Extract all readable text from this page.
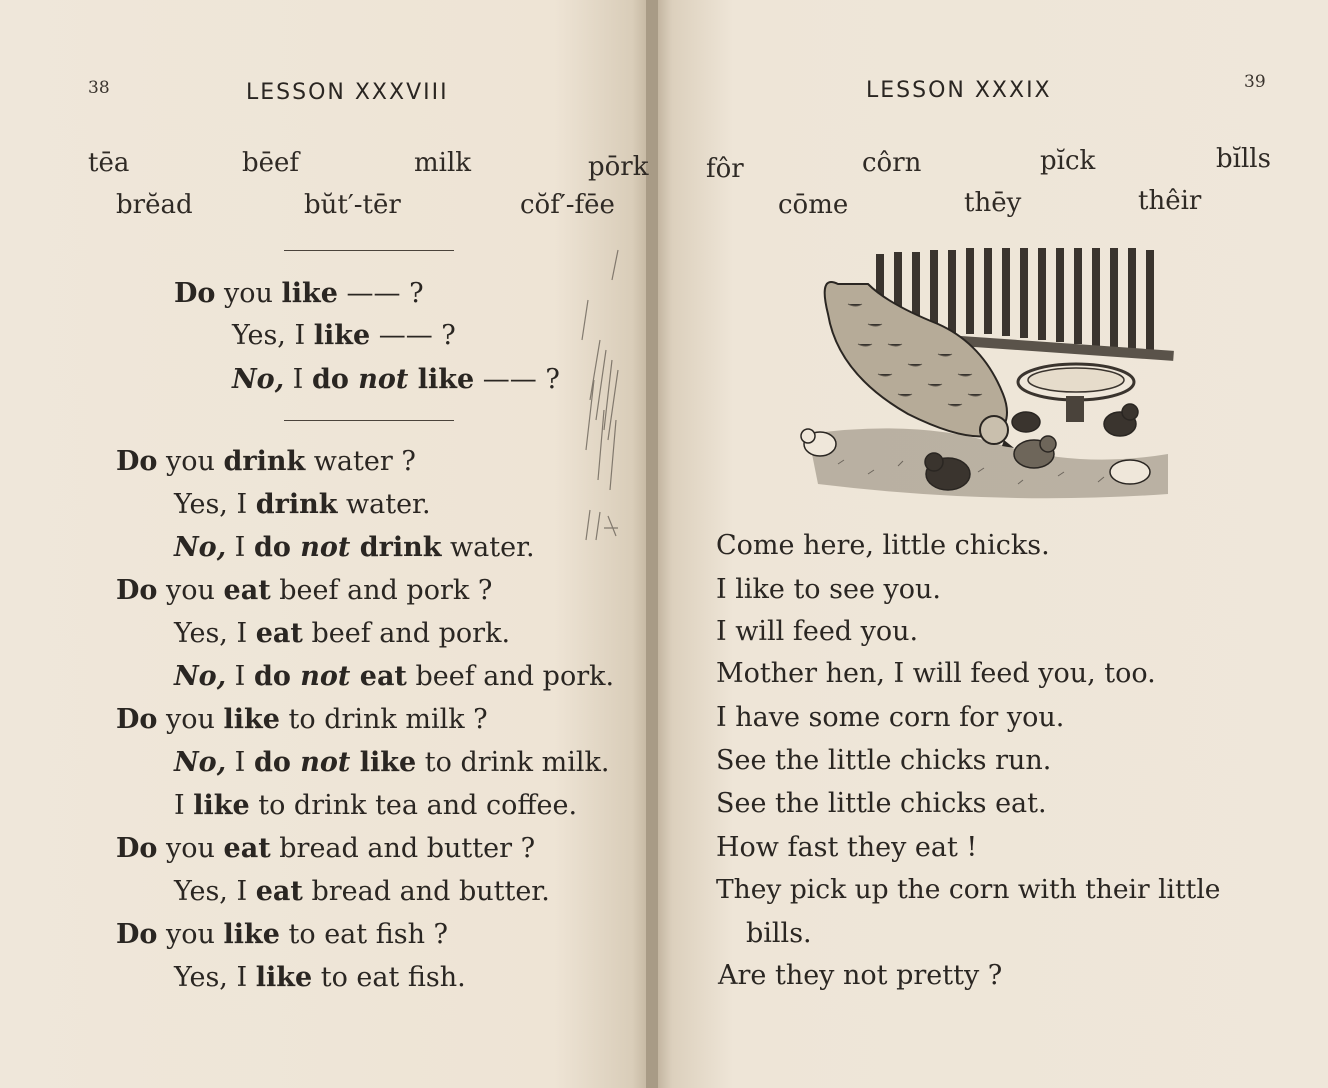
38	LESSON XXXVIII
tēa	bēef	milk	pōrk
brĕad	bŭt′-tēr	cŏf′-fēe
Do you like —— ?
Yes, I like —— ?
No, I do not like —— ?
Do you drink water ?
Yes, I drink water.
No, I do not drink water.
Do you eat beef and pork ?
Yes, I eat beef and pork.
No, I do not eat beef and pork.
Do you like to drink milk ?
No, I do not like to drink milk.
I like to drink tea and coffee.
Do you eat bread and butter ?
Yes, I eat bread and butter.
Do you like to eat fish ?
Yes, I like to eat fish.
39
LESSON XXXIX
fôr	côrn	pĭck	bĭlls
cōme	thēy	thêir
Come here, little chicks.
I like to see you.
I will feed you.
Mother hen, I will feed you, too.
I have some corn for you.
See the little chicks run.
See the little chicks eat.
How fast they eat !
They pick up the corn with their little
bills.
Are they not pretty ?
